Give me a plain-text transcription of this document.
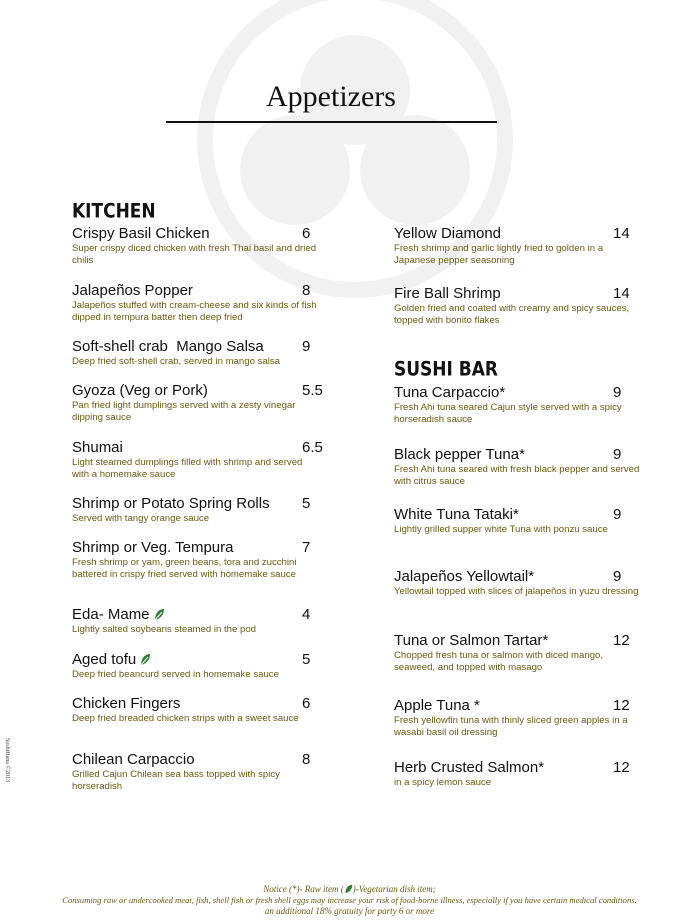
Appetizers
KITCHEN
Crispy Basil Chicken
Super crispy diced chicken with fresh Thai basil and dried chilis
6
Jalapeños Popper
Jalapeños stuffed with cream-cheese and six kinds of fish dipped in tempura batter then deep fried
8
Soft-shell crab  Mango Salsa
Deep fried soft-shell crab, served in mango salsa
9
Gyoza (Veg or Pork)
Pan fried light dumplings served with a zesty vinegar dipping sauce
5.5
Shumai
Light steamed dumplings filled with shrimp and served with a homemake sauce
6.5
Shrimp or Potato Spring Rolls
Served with tangy orange sauce
5
Shrimp or Veg. Tempura
Fresh shrimp or yam, green beans, tora and zucchini battered in crispy fried served with homemake sauce
7
Eda- Mame
Lightly salted soybeans steamed in the pod
4
Aged tofu
Deep fried beancurd served in homemake sauce
5
Chicken Fingers
Deep fried breaded chicken strips with a sweet sauce
6
Chilean Carpaccio
Grilled Cajun Chilean sea bass topped with spicy horseradish
8
Yellow Diamond
Fresh shrimp and garlic lightly fried to golden in a Japanese pepper seasoning
14
Fire Ball Shrimp
Golden fried and coated with creamy and spicy sauces, topped with bonito flakes
14
SUSHI BAR
Tuna Carpaccio*
Fresh Ahi tuna seared Cajun style served with a spicy horseradish sauce
9
Black pepper Tuna*
Fresh Ahi tuna seared with fresh black pepper and served with citrus sauce
9
White Tuna Tataki*
Lightly grilled supper white Tuna with ponzu sauce
9
Jalapeños Yellowtail*
Yellowtail topped with slices of jalapeños in yuzu dressing
9
Tuna or Salmon Tartar*
Chopped fresh tuna or salmon with diced mango, seaweed, and topped with masago
12
Apple Tuna *
Fresh yellowfin tuna with thinly sliced green apples in a wasabi basil oil dressing
12
Herb Crusted Salmon*
in a spicy lemon sauce
12
SushiHana ©2013
Notice (*)- Raw item ( )-Vegetarian dish item;
Consuming raw or undercooked meat, fish, shell fish or fresh shell eggs may increase your risk of food-borne illness, especially if you have certain medical conditions.
an additional 18% gratuity for party 6 or more
